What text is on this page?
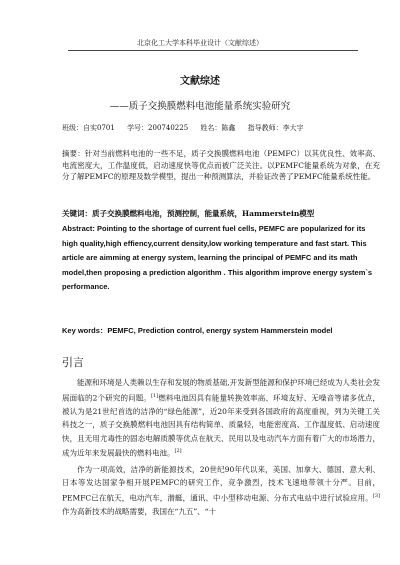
北京化工大学本科毕业设计（文献综述）
文献综述
——质子交换膜燃料电池能量系统实验研究
班级：自实0701 学号：200740225 姓名：陈鑫 指导教师：李大宇
摘要：针对当前燃料电池的一些不足，质子交换膜燃料电池（PEMFC）以其优良性、效率高、电流密度大，工作温度低，启动速度快等优点而被广泛关注。以PEMFC能量系统为对象，在充分了解PEMFC的原理及数学模型，提出一种预测算法，并验证改善了PEMFC能量系统性能。
关键词：质子交换膜燃料电池，预测控制，能量系统，Hammerstein模型
Abstract: Pointing to the shortage of current fuel cells, PEMFC are popularized for its high quality,high effiency,current density,low working temperature and fast start. This article are aimming at energy system, learning the principal of PEMFC and its math model,then proposing a prediction algorithm . This algorithm improve energy system`s performance.
Key words：PEMFC, Prediction control, energy system Hammerstein model
引言

能源和环境是人类赖以生存和发展的物质基础,开发新型能源和保护环境已经成为人类社会发展面临的2个研究的问题。[1]燃料电池因具有能量转换效率高、环境友好、无噪音等诸多优点，被认为是21世纪首选的洁净的“绿色能源”，近20年来受到各国政府的高度重视，列为关键工关科技之一，质子交换膜燃料电池因具有结构简单、质量轻，电能密度高、工作温度低、启动速度快，且无用尤毒性的固态电解质膜等优点在航天、民用以及电动汽车方面有着广大的市场潜力，成为近年来发展最快的燃料电池。[2]

作为一项高效，洁净的新能源技术，20世纪90年代以来，美国、加拿大、德国、意大利、日本等发达国家争相开展PEMFC的研究工作，竞争激烈，技术飞速地带领十分严。目前，PEMFC已在航天，电动汽车，潜艇，通讯、中小型移动电源、分布式电站中进行试验应用。[3]作为高新技术的战略需要，我国在“九五”、“十
